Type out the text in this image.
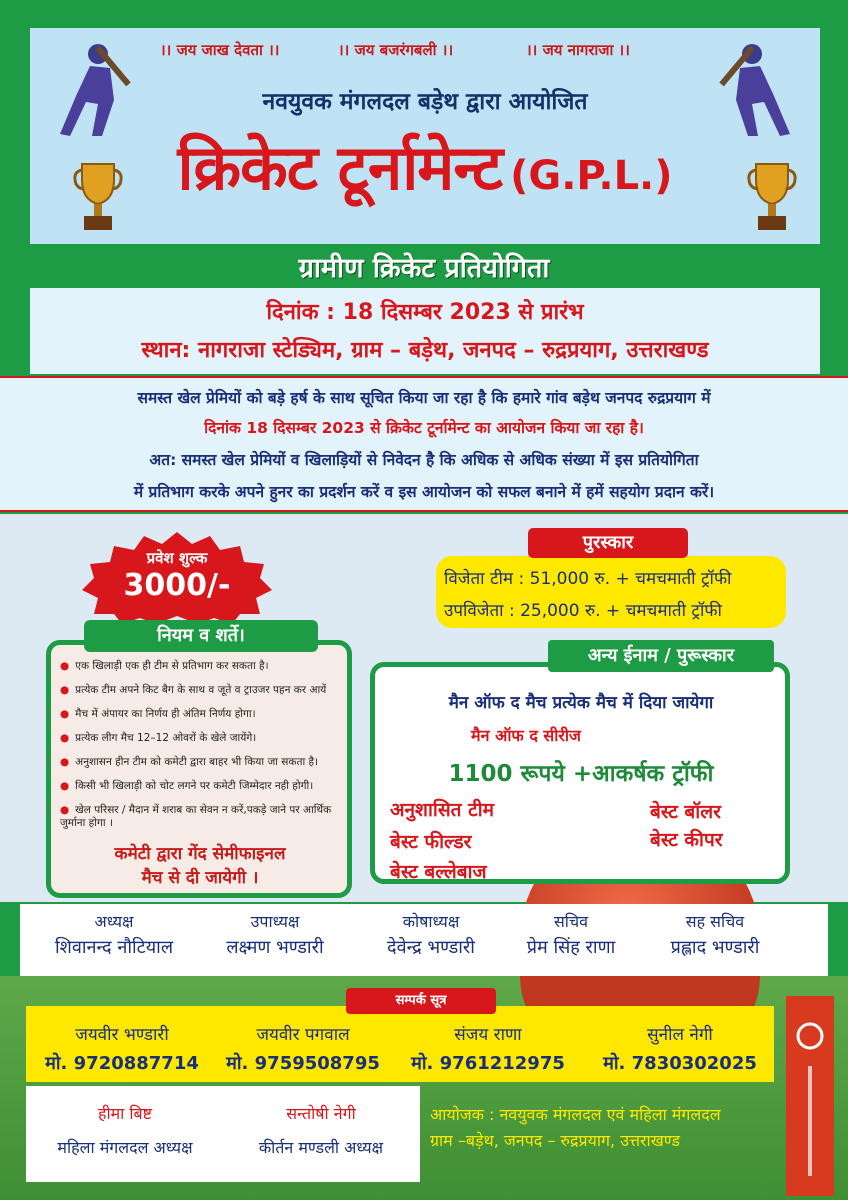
।। जय जाख देवता ।।	।। जय बजरंगबली ।।	।। जय नागराजा ।।
नवयुवक मंगलदल बड़ेथ द्वारा आयोजित
क्रिकेट टूर्नामेन्ट (G.P.L.)
ग्रामीण क्रिकेट प्रतियोगिता
दिनांक : 18 दिसम्बर 2023 से प्रारंभ
स्थान: नागराजा स्टेड्यिम, ग्राम – बड़ेथ, जनपद – रुद्रप्रयाग, उत्तराखण्ड
समस्त खेल प्रेमियों को बड़े हर्ष के साथ सूचित किया जा रहा है कि हमारे गांव बड़ेथ जनपद रुद्रप्रयाग में
दिनांक 18 दिसम्बर 2023 से क्रिकेट टूर्नामेन्ट का आयोजन किया जा रहा है।
अत: समस्त खेल प्रेमियों व खिलाड़ियों से निवेदन है कि अधिक से अधिक संख्या में इस प्रतियोगिता
में प्रतिभाग करके अपने हुनर का प्रदर्शन करें व इस आयोजन को सफल बनाने में हमें सहयोग प्रदान करें।
प्रवेश शुल्क
3000/-
पुरस्कार
विजेता टीम : 51,000 रु. + चमचमाती ट्रॉफी
उपविजेता : 25,000 रु. + चमचमाती ट्रॉफी
नियम व शर्ते।
● एक खिलाड़ी एक ही टीम से प्रतिभाग कर सकता है।
● प्रत्येक टीम अपने किट बैग के साथ व जूते व ट्राउजर पहन कर आयें
● मैच में अंपायर का निर्णय ही अंतिम निर्णय होगा।
● प्रत्येक लीग मैच 12–12 ओवरों के खेले जायेंगे।
● अनुशासन हीन टीम को कमेटी द्वारा बाहर भी किया जा सकता है।
● किसी भी खिलाड़ी को चोट लगने पर कमेटी जिम्मेदार नही होगी।
● खेल परिसर / मैदान में शराब का सेवन न करें,पकड़े जाने पर आर्थिक जुर्माना होगा ।
कमेटी द्वारा गेंद सेमीफाइनल
मैच से दी जायेगी ।
अन्य ईनाम / पुरूस्कार
मैन ऑफ द मैच प्रत्येक मैच में दिया जायेगा
मैन ऑफ द सीरीज
1100 रूपये +आकर्षक ट्रॉफी
अनुशासित टीम	बेस्ट बॉलर
बेस्ट फील्डर	बेस्ट कीपर
बेस्ट बल्लेबाज
अध्यक्ष
शिवानन्द नौटियाल
उपाध्यक्ष
लक्ष्मण भण्डारी
कोषाध्यक्ष
देवेन्द्र भण्डारी
सचिव
प्रेम सिंह राणा
सह सचिव
प्रह्लाद भण्डारी
सम्पर्क सूत्र
जयवीर भण्डारी
मो. 9720887714
जयवीर पगवाल
मो. 9759508795
संजय राणा
मो. 9761212975
सुनील नेगी
मो. 7830302025
हीमा बिष्ट
महिला मंगलदल अध्यक्ष
सन्तोषी नेगी
कीर्तन मण्डली अध्यक्ष
आयोजक : नवयुवक मंगलदल एवं महिला मंगलदल
ग्राम –बड़ेथ, जनपद – रुद्रप्रयाग, उत्तराखण्ड
